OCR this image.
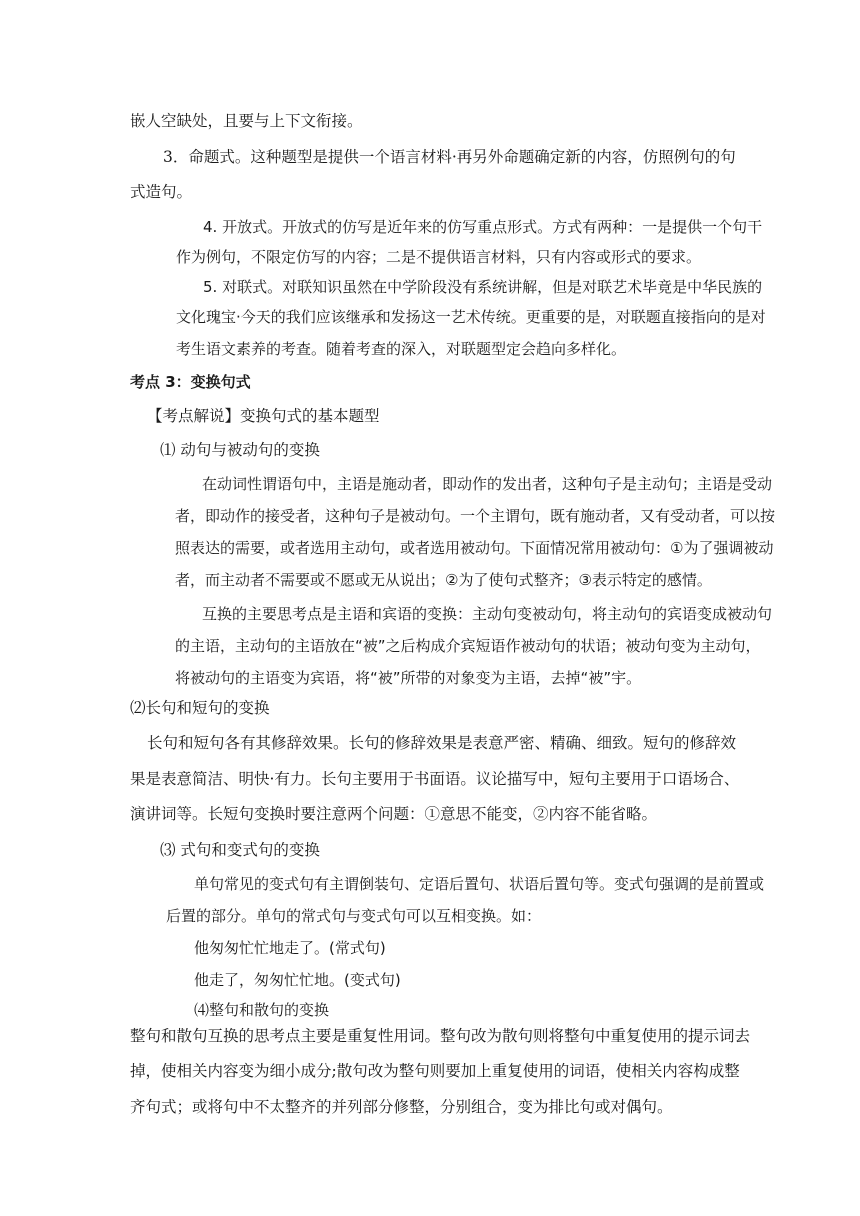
嵌人空缺处，且要与上下文衔接。
3．命题式。这种题型是提供一个语言材料·再另外命题确定新的内容，仿照例句的句
式造句。
4. 开放式。开放式的仿写是近年来的仿写重点形式。方式有两种：一是提供一个句干
作为例句，不限定仿写的内容；二是不提供语言材料，只有内容或形式的要求。
5. 对联式。对联知识虽然在中学阶段没有系统讲解，但是对联艺术毕竟是中华民族的
文化瑰宝·今天的我们应该继承和发扬这一艺术传统。更重要的是，对联题直接指向的是对
考生语文素养的考查。随着考查的深入，对联题型定会趋向多样化。
考点 3：变换句式
【考点解说】变换句式的基本题型
⑴ 动句与被动句的变换
在动词性谓语句中，主语是施动者，即动作的发出者，这种句子是主动句；主语是受动
者，即动作的接受者，这种句子是被动句。一个主谓句，既有施动者，又有受动者，可以按
照表达的需要，或者选用主动句，或者选用被动句。下面情况常用被动句：①为了强调被动
者，而主动者不需要或不愿或无从说出；②为了使句式整齐；③表示特定的感情。
互换的主要思考点是主语和宾语的变换：主动句变被动句，将主动句的宾语变成被动句
的主语，主动句的主语放在“被”之后构成介宾短语作被动句的状语；被动句变为主动句，
将被动句的主语变为宾语，将“被”所带的对象变为主语，去掉“被”宇。
⑵长句和短句的变换
长句和短句各有其修辞效果。长句的修辞效果是表意严密、精确、细致。短句的修辞效
果是表意简洁、明快·有力。长句主要用于书面语。议论描写中，短句主要用于口语场合、
演讲词等。长短句变换时要注意两个问题：①意思不能变，②内容不能省略。
⑶ 式句和变式句的变换
单句常见的变式句有主谓倒装句、定语后置句、状语后置句等。变式句强调的是前置或
后置的部分。单句的常式句与变式句可以互相变换。如：
他匆匆忙忙地走了。(常式句)
他走了，匆匆忙忙地。(变式句)
⑷整句和散句的变换
整句和散句互换的思考点主要是重复性用词。整句改为散句则将整句中重复使用的提示词去
掉，使相关内容变为细小成分;散句改为整句则要加上重复使用的词语，使相关内容构成整
齐句式；或将句中不太整齐的并列部分修整，分别组合，变为排比句或对偶句。
